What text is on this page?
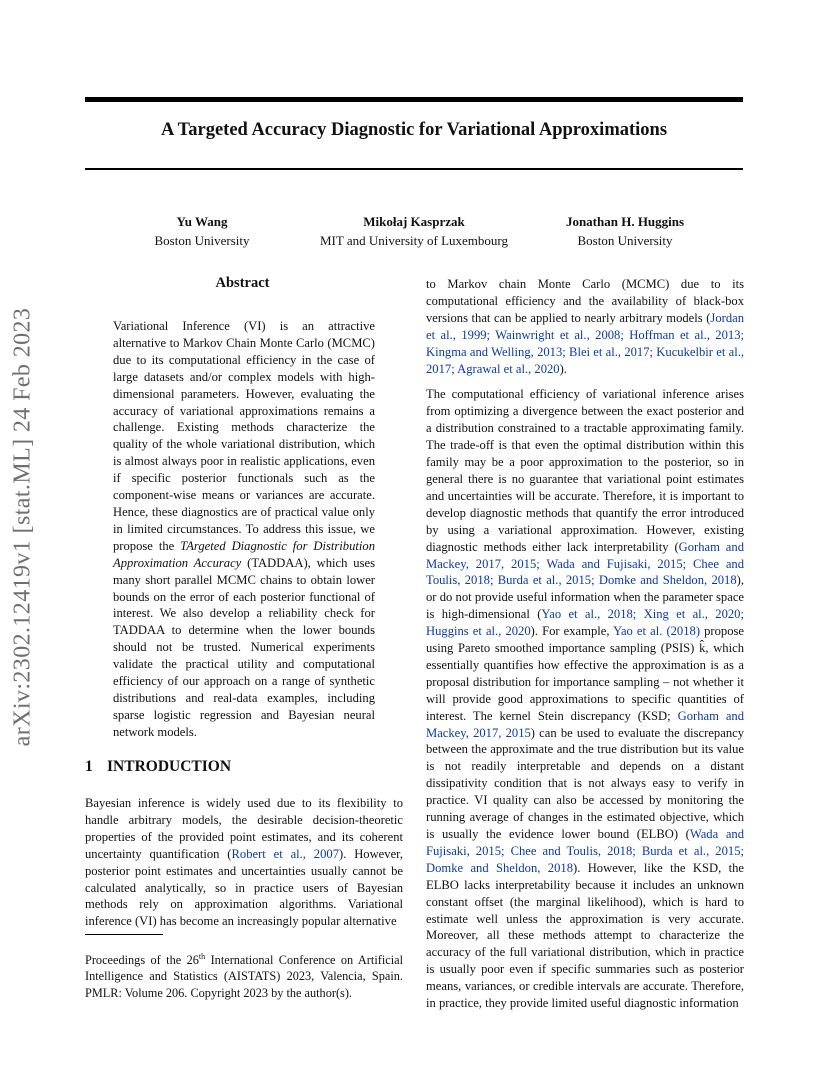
arXiv:2302.12419v1 [stat.ML] 24 Feb 2023
A Targeted Accuracy Diagnostic for Variational Approximations
Yu Wang
Boston University
Mikołaj Kasprzak
MIT and University of Luxembourg
Jonathan H. Huggins
Boston University
Abstract

Variational Inference (VI) is an attractive alternative to Markov Chain Monte Carlo (MCMC) due to its computational efficiency in the case of large datasets and/or complex models with high-dimensional parameters. However, evaluating the accuracy of variational approximations remains a challenge. Existing methods characterize the quality of the whole variational distribution, which is almost always poor in realistic applications, even if specific posterior functionals such as the component-wise means or variances are accurate. Hence, these diagnostics are of practical value only in limited circumstances. To address this issue, we propose the TArgeted Diagnostic for Distribution Approximation Accuracy (TADDAA), which uses many short parallel MCMC chains to obtain lower bounds on the error of each posterior functional of interest. We also develop a reliability check for TADDAA to determine when the lower bounds should not be trusted. Numerical experiments validate the practical utility and computational efficiency of our approach on a range of synthetic distributions and real-data examples, including sparse logistic regression and Bayesian neural network models.

1 INTRODUCTION

Bayesian inference is widely used due to its flexibility to handle arbitrary models, the desirable decision-theoretic properties of the provided point estimates, and its coherent uncertainty quantification (Robert et al., 2007). However, posterior point estimates and uncertainties usually cannot be calculated analytically, so in practice users of Bayesian methods rely on approximation algorithms. Variational inference (VI) has become an increasingly popular alternative

Proceedings of the 26th International Conference on Artificial Intelligence and Statistics (AISTATS) 2023, Valencia, Spain. PMLR: Volume 206. Copyright 2023 by the author(s).

to Markov chain Monte Carlo (MCMC) due to its computational efficiency and the availability of black-box versions that can be applied to nearly arbitrary models (Jordan et al., 1999; Wainwright et al., 2008; Hoffman et al., 2013; Kingma and Welling, 2013; Blei et al., 2017; Kucukelbir et al., 2017; Agrawal et al., 2020).

The computational efficiency of variational inference arises from optimizing a divergence between the exact posterior and a distribution constrained to a tractable approximating family. The trade-off is that even the optimal distribution within this family may be a poor approximation to the posterior, so in general there is no guarantee that variational point estimates and uncertainties will be accurate. Therefore, it is important to develop diagnostic methods that quantify the error introduced by using a variational approximation. However, existing diagnostic methods either lack interpretability (Gorham and Mackey, 2017, 2015; Wada and Fujisaki, 2015; Chee and Toulis, 2018; Burda et al., 2015; Domke and Sheldon, 2018), or do not provide useful information when the parameter space is high-dimensional (Yao et al., 2018; Xing et al., 2020; Huggins et al., 2020). For example, Yao et al. (2018) propose using Pareto smoothed importance sampling (PSIS) k̂, which essentially quantifies how effective the approximation is as a proposal distribution for importance sampling – not whether it will provide good approximations to specific quantities of interest. The kernel Stein discrepancy (KSD; Gorham and Mackey, 2017, 2015) can be used to evaluate the discrepancy between the approximate and the true distribution but its value is not readily interpretable and depends on a distant dissipativity condition that is not always easy to verify in practice. VI quality can also be accessed by monitoring the running average of changes in the estimated objective, which is usually the evidence lower bound (ELBO) (Wada and Fujisaki, 2015; Chee and Toulis, 2018; Burda et al., 2015; Domke and Sheldon, 2018). However, like the KSD, the ELBO lacks interpretability because it includes an unknown constant offset (the marginal likelihood), which is hard to estimate well unless the approximation is very accurate. Moreover, all these methods attempt to characterize the accuracy of the full variational distribution, which in practice is usually poor even if specific summaries such as posterior means, variances, or credible intervals are accurate. Therefore, in practice, they provide limited useful diagnostic information
